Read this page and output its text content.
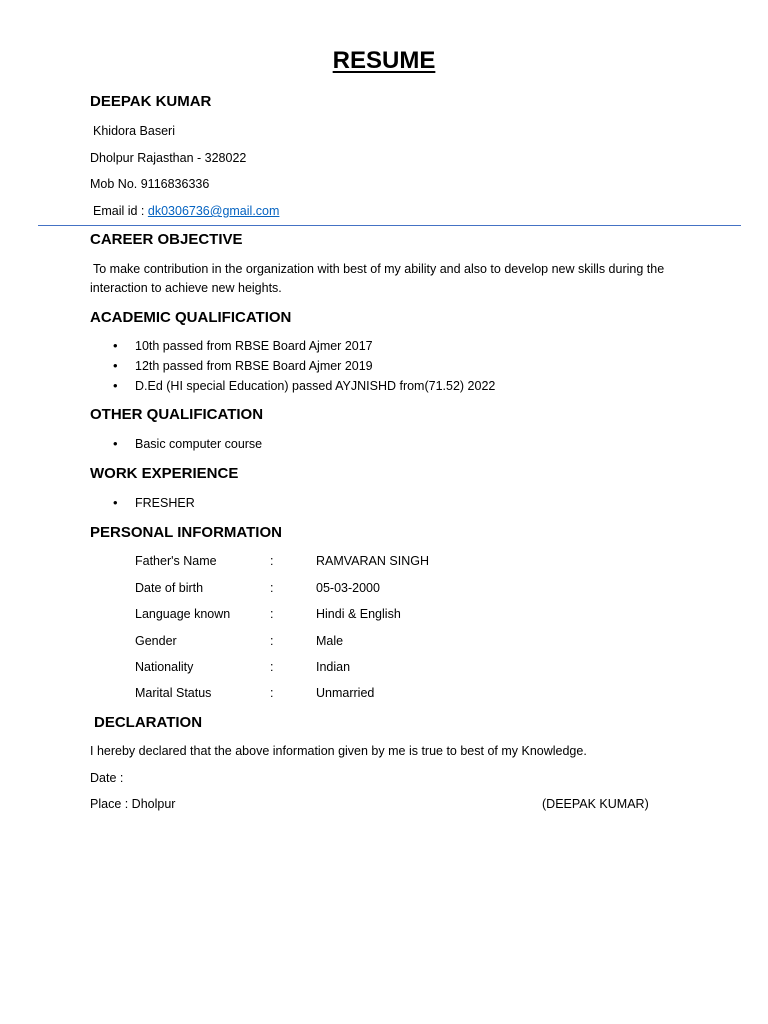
RESUME
DEEPAK KUMAR
Khidora Baseri
Dholpur Rajasthan - 328022
Mob No. 9116836336
Email id : dk0306736@gmail.com
CAREER OBJECTIVE
To make contribution in the organization with best of my ability and also to develop new skills during the interaction to achieve new heights.
ACADEMIC QUALIFICATION
• 10th passed from RBSE Board Ajmer 2017
• 12th passed from RBSE Board Ajmer 2019
• D.Ed (HI special Education) passed AYJNISHD from(71.52) 2022
OTHER QUALIFICATION
• Basic computer course
WORK EXPERIENCE
• FRESHER
PERSONAL INFORMATION
Father's Name	:	RAMVARAN SINGH
Date of birth	:	05-03-2000
Language known	:	Hindi & English
Gender	:	Male
Nationality	:	Indian
Marital Status	:	Unmarried
DECLARATION
I hereby declared that the above information given by me is true to best of my Knowledge.
Date :
Place : Dholpur	(DEEPAK KUMAR)
